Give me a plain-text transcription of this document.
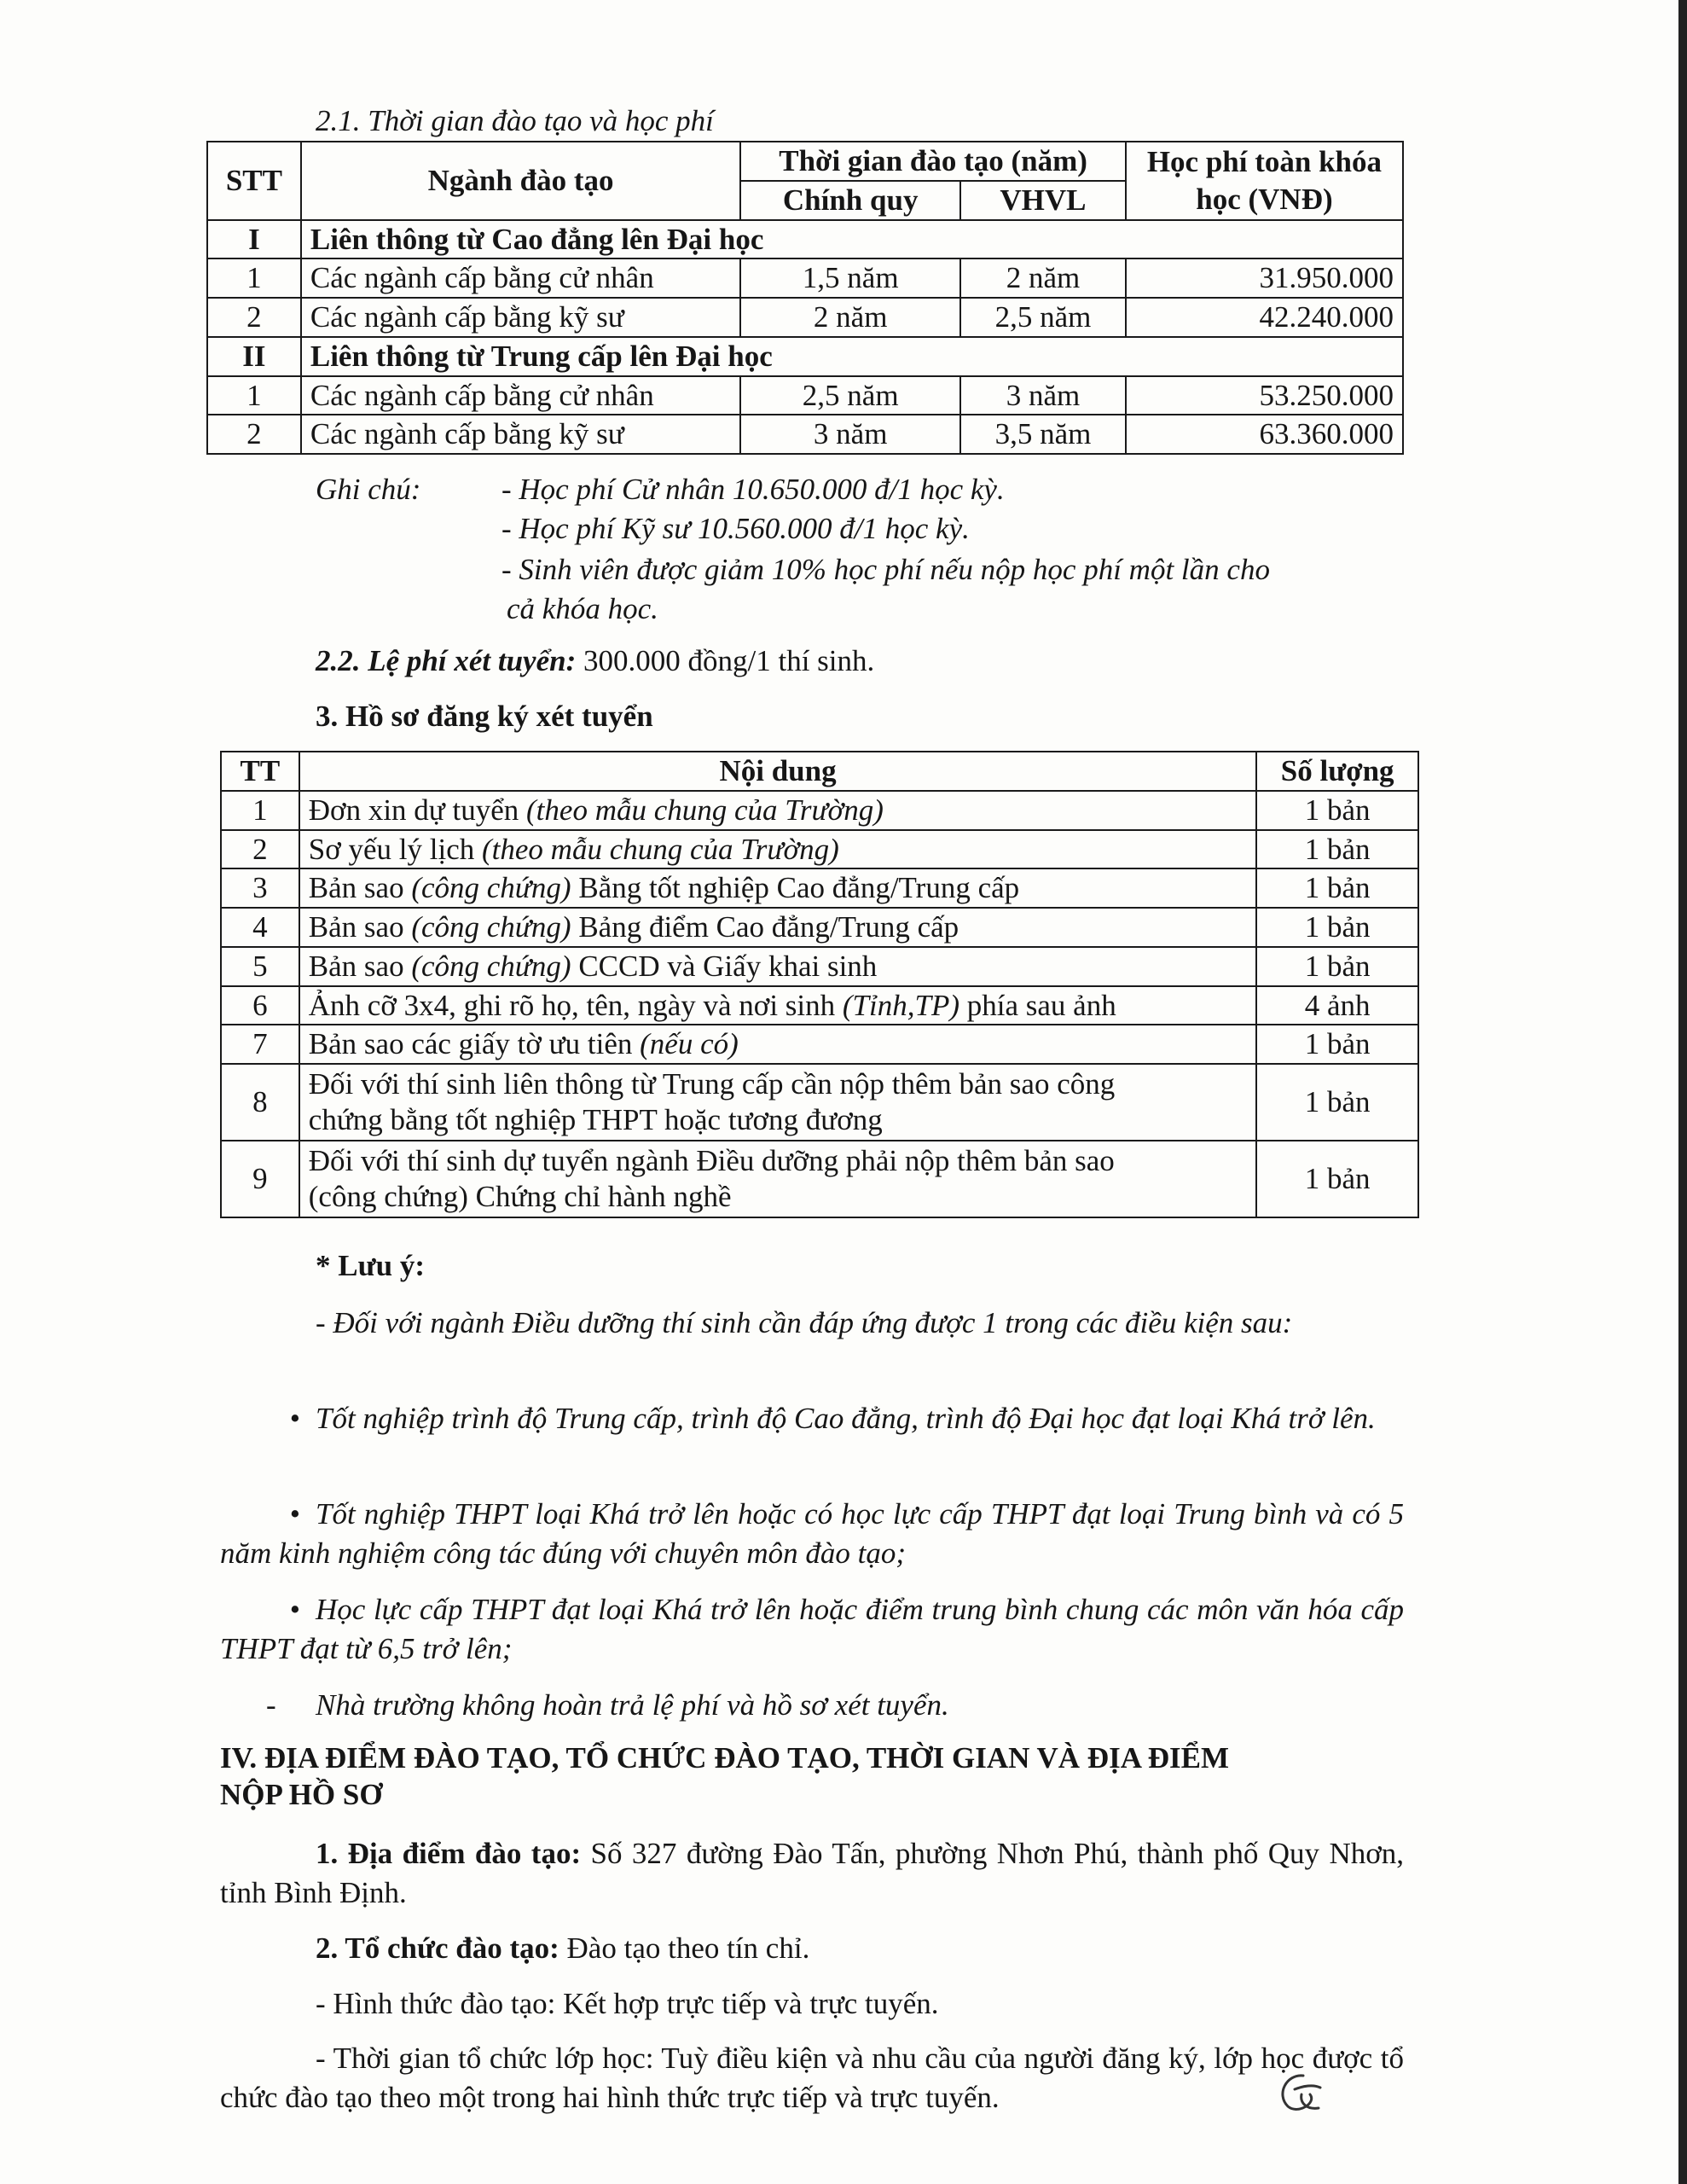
2.1. Thời gian đào tạo và học phí
STT	Ngành đào tạo	Thời gian đào tạo (năm)		Học phí toàn khóa học (VNĐ)
		Chính quy	VHVL	
I	Liên thông từ Cao đẳng lên Đại học			
1	Các ngành cấp bằng cử nhân	1,5 năm	2 năm	31.950.000
2	Các ngành cấp bằng kỹ sư	2 năm	2,5 năm	42.240.000
II	Liên thông từ Trung cấp lên Đại học			
1	Các ngành cấp bằng cử nhân	2,5 năm	3 năm	53.250.000
2	Các ngành cấp bằng kỹ sư	3 năm	3,5 năm	63.360.000
Ghi chú:	- Học phí Cử nhân 10.650.000 đ/1 học kỳ.
- Học phí Kỹ sư 10.560.000 đ/1 học kỳ.
- Sinh viên được giảm 10% học phí nếu nộp học phí một lần cho
cả khóa học.
2.2. Lệ phí xét tuyển: 300.000 đồng/1 thí sinh.
3. Hồ sơ đăng ký xét tuyển
TT	Nội dung	Số lượng
1	Đơn xin dự tuyển (theo mẫu chung của Trường)	1 bản
2	Sơ yếu lý lịch (theo mẫu chung của Trường)	1 bản
3	Bản sao (công chứng) Bằng tốt nghiệp Cao đẳng/Trung cấp	1 bản
4	Bản sao (công chứng) Bảng điểm Cao đẳng/Trung cấp	1 bản
5	Bản sao (công chứng) CCCD và Giấy khai sinh	1 bản
6	Ảnh cỡ 3x4, ghi rõ họ, tên, ngày và nơi sinh (Tỉnh,TP) phía sau ảnh	4 ảnh
7	Bản sao các giấy tờ ưu tiên (nếu có)	1 bản
8	Đối với thí sinh liên thông từ Trung cấp cần nộp thêm bản sao công
chứng bằng tốt nghiệp THPT hoặc tương đương	1 bản
9	Đối với thí sinh dự tuyển ngành Điều dưỡng phải nộp thêm bản sao
(công chứng) Chứng chỉ hành nghề	1 bản
* Lưu ý:
- Đối với ngành Điều dưỡng thí sinh cần đáp ứng được 1 trong các điều kiện sau:
• Tốt nghiệp trình độ Trung cấp, trình độ Cao đẳng, trình độ Đại học đạt loại Khá trở lên.
• Tốt nghiệp THPT loại Khá trở lên hoặc có học lực cấp THPT đạt loại Trung bình và có 5 năm kinh nghiệm công tác đúng với chuyên môn đào tạo;
• Học lực cấp THPT đạt loại Khá trở lên hoặc điểm trung bình chung các môn văn hóa cấp THPT đạt từ 6,5 trở lên;
- Nhà trường không hoàn trả lệ phí và hồ sơ xét tuyển.
IV. ĐỊA ĐIỂM ĐÀO TẠO, TỔ CHỨC ĐÀO TẠO, THỜI GIAN VÀ ĐỊA ĐIỂM
NỘP HỒ SƠ
1. Địa điểm đào tạo: Số 327 đường Đào Tấn, phường Nhơn Phú, thành phố Quy Nhơn, tỉnh Bình Định.
2. Tổ chức đào tạo: Đào tạo theo tín chỉ.
- Hình thức đào tạo: Kết hợp trực tiếp và trực tuyến.
- Thời gian tổ chức lớp học: Tuỳ điều kiện và nhu cầu của người đăng ký, lớp học được tổ chức đào tạo theo một trong hai hình thức trực tiếp và trực tuyến.
